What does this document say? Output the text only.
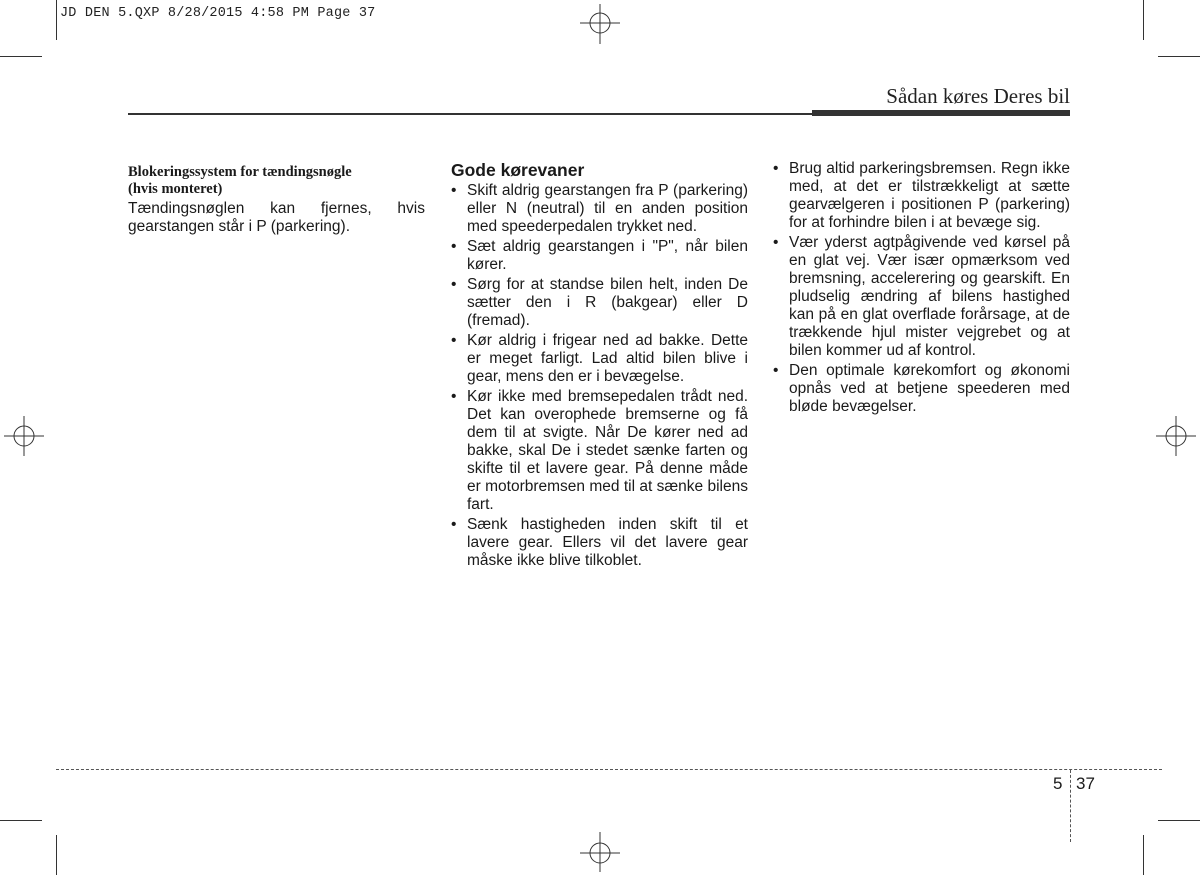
JD DEN 5.QXP 8/28/2015 4:58 PM Page 37
Sådan køres Deres bil
Blokeringssystem for tændingsnøgle
(hvis monteret)

Tændingsnøglen kan fjernes, hvis gearstangen står i P (parkering).

Gode kørevaner
• Skift aldrig gearstangen fra P (parkering) eller N (neutral) til en anden position med speederpedalen trykket ned.
• Sæt aldrig gearstangen i "P", når bilen kører.
• Sørg for at standse bilen helt, inden De sætter den i R (bakgear) eller D (fremad).
• Kør aldrig i frigear ned ad bakke. Dette er meget farligt. Lad altid bilen blive i gear, mens den er i bevægelse.
• Kør ikke med bremsepedalen trådt ned. Det kan overophede bremserne og få dem til at svigte. Når De kører ned ad bakke, skal De i stedet sænke farten og skifte til et lavere gear. På denne måde er motorbremsen med til at sænke bilens fart.
• Sænk hastigheden inden skift til et lavere gear. Ellers vil det lavere gear måske ikke blive tilkoblet.
• Brug altid parkeringsbremsen. Regn ikke med, at det er tilstrækkeligt at sætte gearvælgeren i positionen P (parkering) for at forhindre bilen i at bevæge sig.
• Vær yderst agtpågivende ved kørsel på en glat vej. Vær især opmærksom ved bremsning, accelerering og gearskift. En pludselig ændring af bilens hastighed kan på en glat overflade forårsage, at de trækkende hjul mister vejgrebet og at bilen kommer ud af kontrol.
• Den optimale kørekomfort og økonomi opnås ved at betjene speederen med bløde bevægelser.
5 37
